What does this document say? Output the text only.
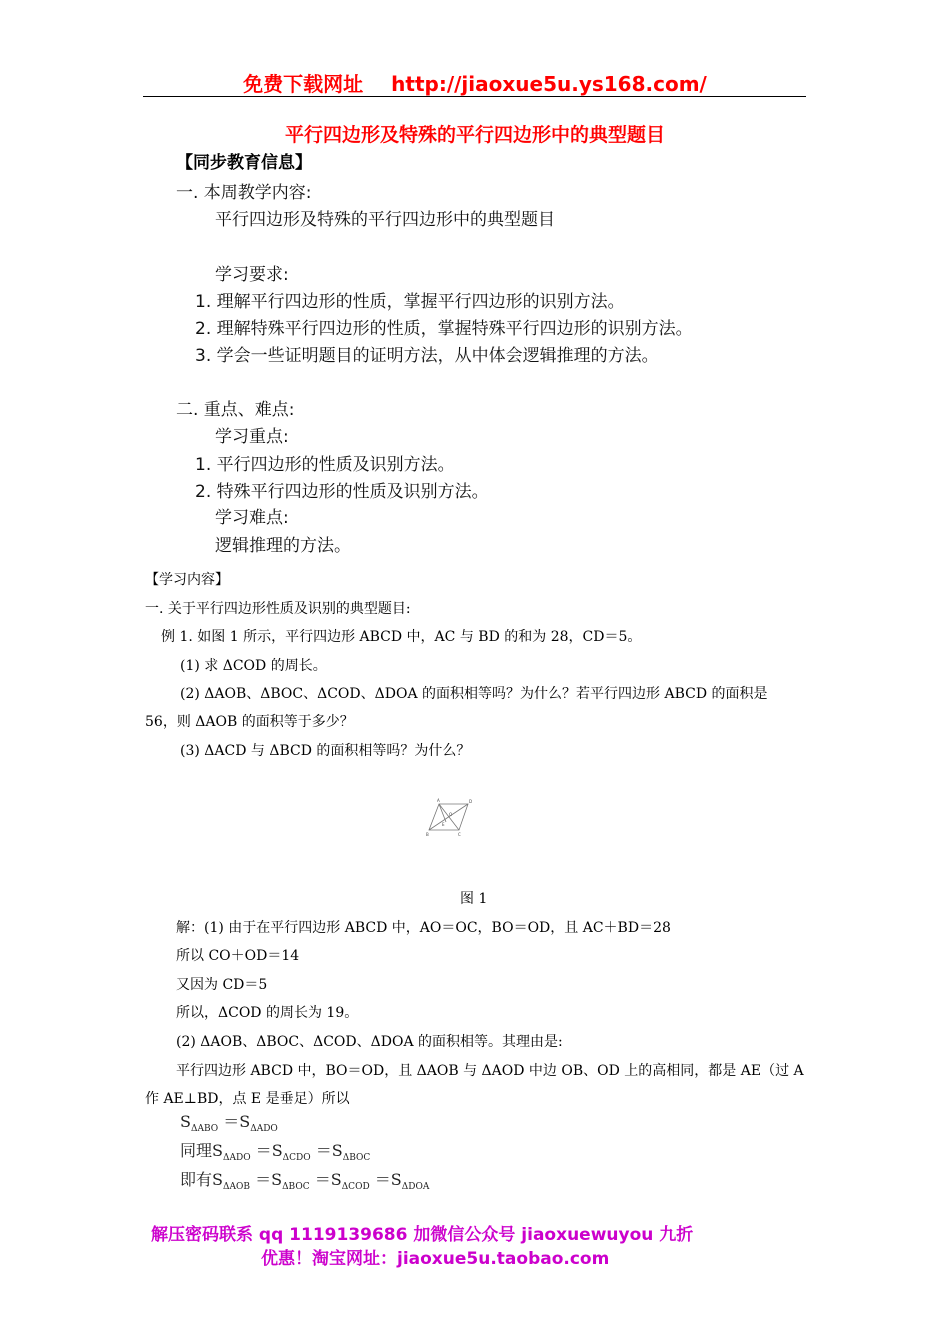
免费下载网址 http://jiaoxue5u.ys168.com/
平行四边形及特殊的平行四边形中的典型题目
【同步教育信息】
一. 本周教学内容:
平行四边形及特殊的平行四边形中的典型题目
学习要求:
1. 理解平行四边形的性质，掌握平行四边形的识别方法。
2. 理解特殊平行四边形的性质，掌握特殊平行四边形的识别方法。
3. 学会一些证明题目的证明方法，从中体会逻辑推理的方法。
二. 重点、难点:
学习重点:
1. 平行四边形的性质及识别方法。
2. 特殊平行四边形的性质及识别方法。
学习难点:
逻辑推理的方法。
【学习内容】
一. 关于平行四边形性质及识别的典型题目:
例 1. 如图 1 所示，平行四边形 ABCD 中，AC 与 BD 的和为 28，CD＝5。
(1) 求 ΔCOD 的周长。
(2) ΔAOB、ΔBOC、ΔCOD、ΔDOA 的面积相等吗？为什么？若平行四边形 ABCD 的面积是
56，则 ΔAOB 的面积等于多少？
(3) ΔACD 与 ΔBCD 的面积相等吗？为什么？
A	D
B	C
O
E
图 1
解：(1) 由于在平行四边形 ABCD 中，AO＝OC，BO＝OD，且 AC＋BD＝28
所以 CO＋OD＝14
又因为 CD＝5
所以，ΔCOD 的周长为 19。
(2) ΔAOB、ΔBOC、ΔCOD、ΔDOA 的面积相等。其理由是:
平行四边形 ABCD 中，BO＝OD，且 ΔAOB 与 ΔAOD 中边 OB、OD 上的高相同，都是 AE（过 A
作 AE⊥BD，点 E 是垂足）所以
$S_{\Delta ABO} =S_{\Delta ADO}$
同理$S_{\Delta ADO} =S_{\Delta CDO} =S_{\Delta BOC}$
即有$S_{\Delta AOB} =S_{\Delta BOC} =S_{\Delta COD} =S_{\Delta DOA}$
解压密码联系 qq 1119139686 加微信公众号 jiaoxuewuyou 九折
优惠！淘宝网址：jiaoxue5u.taobao.com
